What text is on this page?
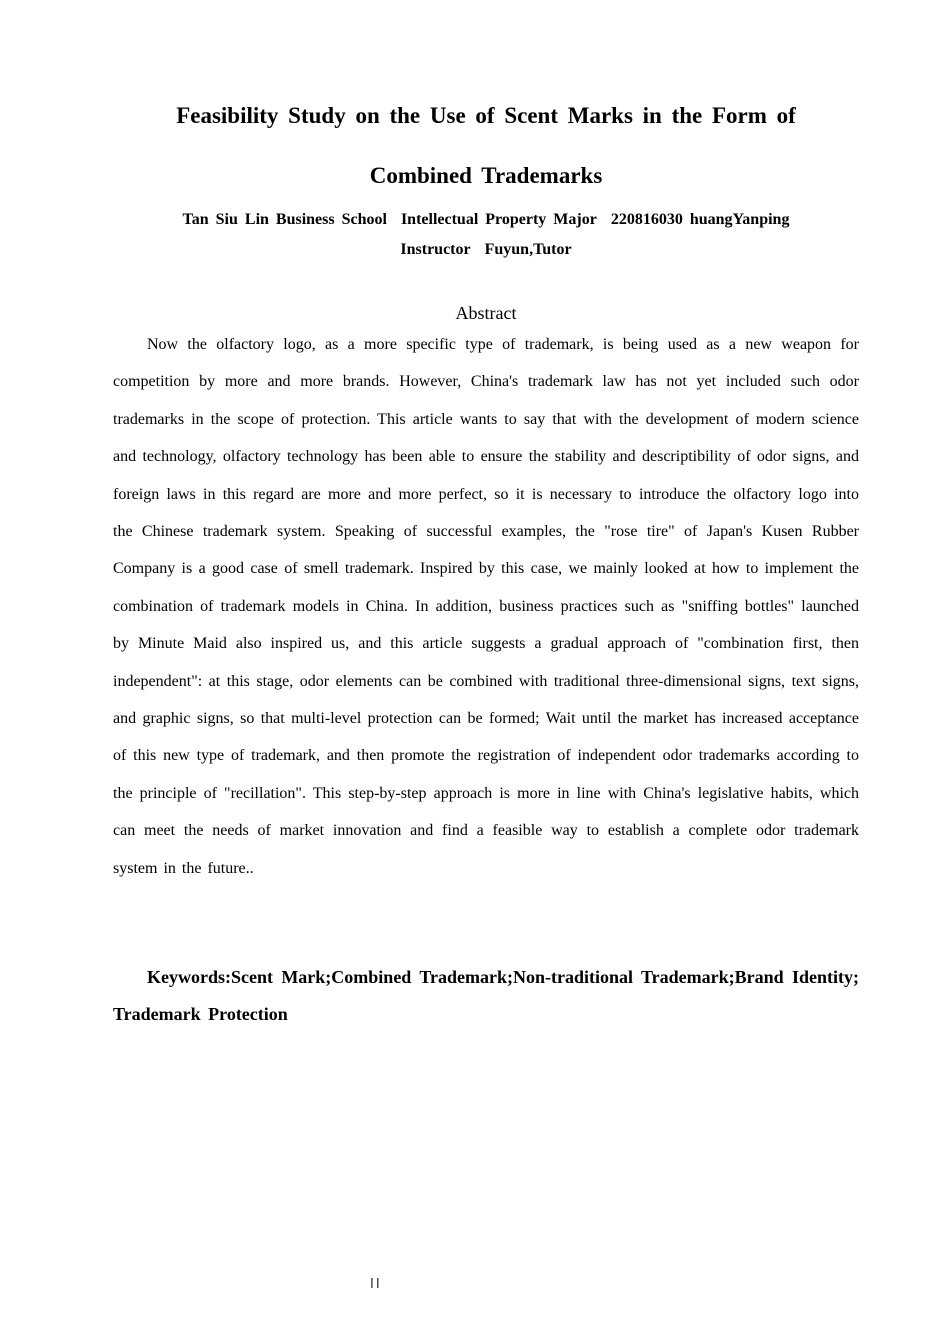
Feasibility Study on the Use of Scent Marks in the Form of
Combined Trademarks

Tan Siu Lin Business School Intellectual Property Major 220816030 huangYanping

Instructor Fuyun,Tutor

Abstract

Now the olfactory logo, as a more specific type of trademark, is being used as a new weapon for competition by more and more brands. However, China's trademark law has not yet included such odor trademarks in the scope of protection. This article wants to say that with the development of modern science and technology, olfactory technology has been able to ensure the stability and descriptibility of odor signs, and foreign laws in this regard are more and more perfect, so it is necessary to introduce the olfactory logo into the Chinese trademark system. Speaking of successful examples, the "rose tire" of Japan's Kusen Rubber Company is a good case of smell trademark. Inspired by this case, we mainly looked at how to implement the combination of trademark models in China. In addition, business practices such as "sniffing bottles" launched by Minute Maid also inspired us, and this article suggests a gradual approach of "combination first, then independent": at this stage, odor elements can be combined with traditional three-dimensional signs, text signs, and graphic signs, so that multi-level protection can be formed; Wait until the market has increased acceptance of this new type of trademark, and then promote the registration of independent odor trademarks according to the principle of "recillation". This step-by-step approach is more in line with China's legislative habits, which can meet the needs of market innovation and find a feasible way to establish a complete odor trademark system in the future..

Keywords:Scent Mark;Combined Trademark;Non-traditional Trademark;Brand Identity; Trademark Protection

II
